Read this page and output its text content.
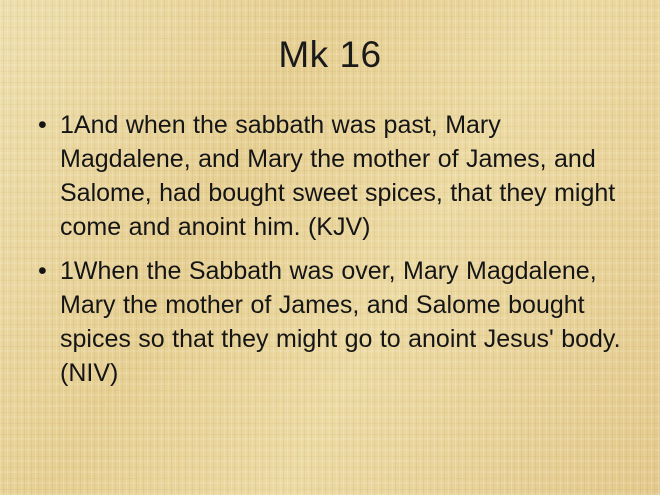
Mk 16
• 1And when the sabbath was past, Mary Magdalene, and Mary the mother of James, and Salome, had bought sweet spices, that they might come and anoint him. (KJV)
• 1When the Sabbath was over, Mary Magdalene, Mary the mother of James, and Salome bought spices so that they might go to anoint Jesus' body. (NIV)
